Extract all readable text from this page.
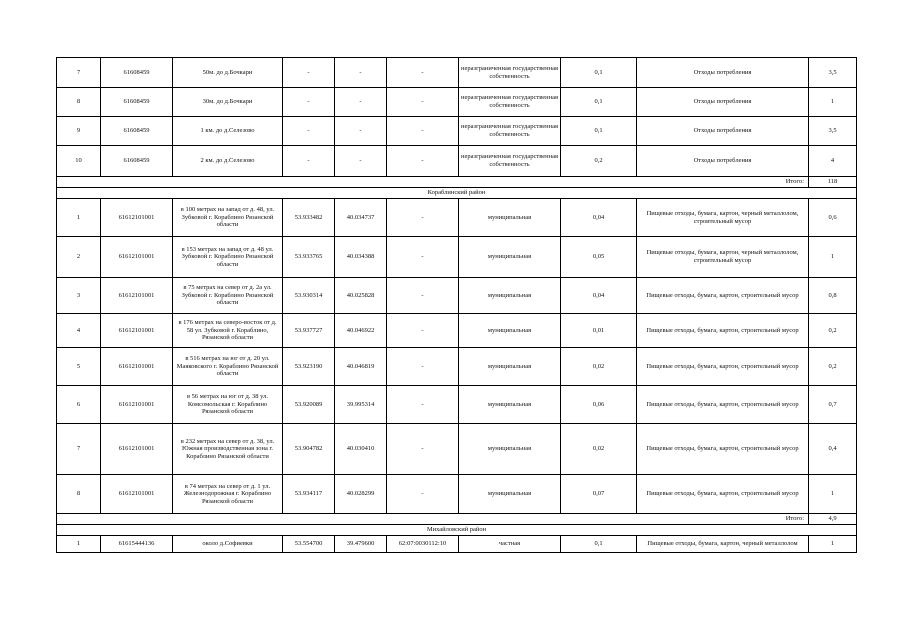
7	61608459	50м. до д.Бочкари	-	-	-	неразграниченная государственная собственность	0,1	Отходы потребления	3,5
8	61608459	30м. до д.Бочкари	-	-	-	неразграниченная государственная собственность	0,1	Отходы потребления	1
9	61608459	1 км. до д.Селезово	-	-	-	неразграниченная государственная собственность	0,1	Отходы потребления	3,5
10	61608459	2 км. до д.Селезово	-	-	-	неразграниченная государственная собственность	0,2	Отходы потребления	4
Итого:									118
Кораблинский район									
1	61612101001	в 100 метрах на запад от д. 48, ул. Зубковой г. Кораблино Рязанской области	53.933482	40.034737	-	муниципальная	0,04	Пищевые отходы, бумага, картон, черный металлолом, строительный мусор	0,6
2	61612101001	в 153 метрах на запад от д. 48 ул. Зубковой г. Кораблино Рязанской области	53.933765	40.034388	-	муниципальная	0,05	Пищевые отходы, бумага, картон, черный металлолом, строительный мусор	1
3	61612101001	в 75 метрах на север от д. 2а ул. Зубковой г. Кораблино Рязанской области	53.930314	40.025828	-	муниципальная	0,04	Пищевые отходы, бумага, картон, строительный мусор	0,8
4	61612101001	в 176 метрах на северо-восток от д. 58 ул. Зубковой г. Кораблино, Рязанской области	53.937727	40.046922	-	муниципальная	0,01	Пищевые отходы, бумага, картон, строительный мусор	0,2
5	61612101001	в 516 метрах на юг от д. 20 ул. Маяковского г. Кораблино Рязанской области	53.923190	40.046819	-	муниципальная	0,02	Пищевые отходы, бумага, картон, строительный мусор	0,2
6	61612101001	в 56 метрах на юг от д. 38 ул. Комсомольская г. Кораблино Рязанской области	53.920089	39.995314	-	муниципальная	0,06	Пищевые отходы, бумага, картон, строительный мусор	0,7
7	61612101001	в 232 метрах на север от д. 38, ул. Южная производственная зона г. Кораблино Рязанской области	53.904782	40.030410	-	муниципальная	0,02	Пищевые отходы, бумага, картон, строительный мусор	0,4
8	61612101001	в 74 метрах на север от д. 1 ул. Железнодорожная г. Кораблино Рязанской области	53.934117	40.028299	-	муниципальная	0,07	Пищевые отходы, бумага, картон, строительный мусор	1
Итого:									4,9
Михайловский район									
1	61615444136	около д.Софиевки	53.554700	39.479600	62:07:0030112:10	частная	0,1	Пищевые отходы, бумага, картон, черный металлолом	1
